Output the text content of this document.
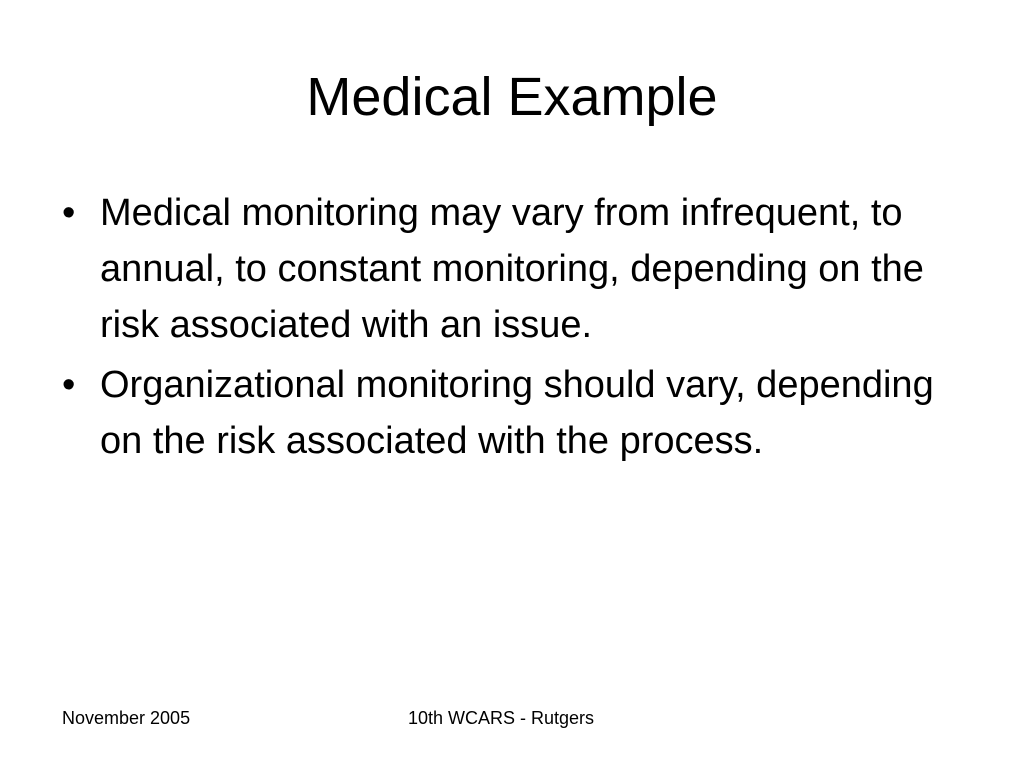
Medical Example
• Medical monitoring may vary from infrequent, to annual, to constant monitoring, depending on the risk associated with an issue.
• Organizational monitoring should vary, depending on the risk associated with the process.
November 2005	10th WCARS - Rutgers
